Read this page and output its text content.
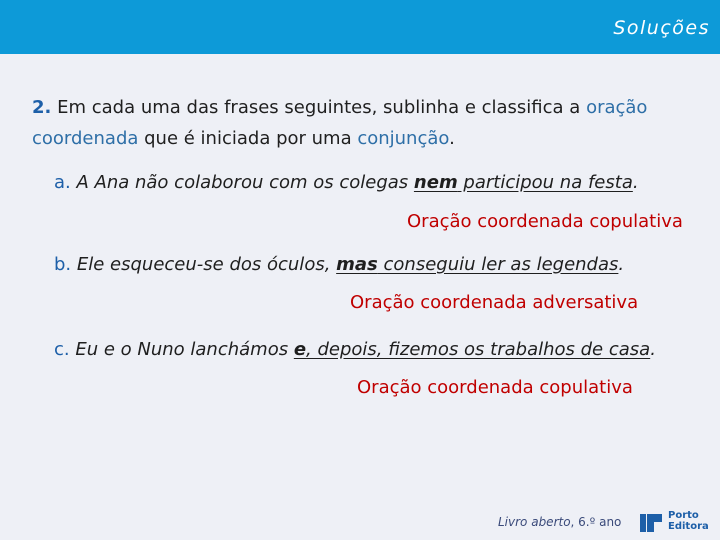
Soluções
2. Em cada uma das frases seguintes, sublinha e classifica a oração coordenada que é iniciada por uma conjunção.
a. A Ana não colaborou com os colegas nem participou na festa.
Oração coordenada copulativa
b. Ele esqueceu-se dos óculos, mas conseguiu ler as legendas.
Oração coordenada adversativa
c. Eu e o Nuno lanchámos e, depois, fizemos os trabalhos de casa.
Oração coordenada copulativa
Livro aberto, 6.º ano	Porto
Editora
